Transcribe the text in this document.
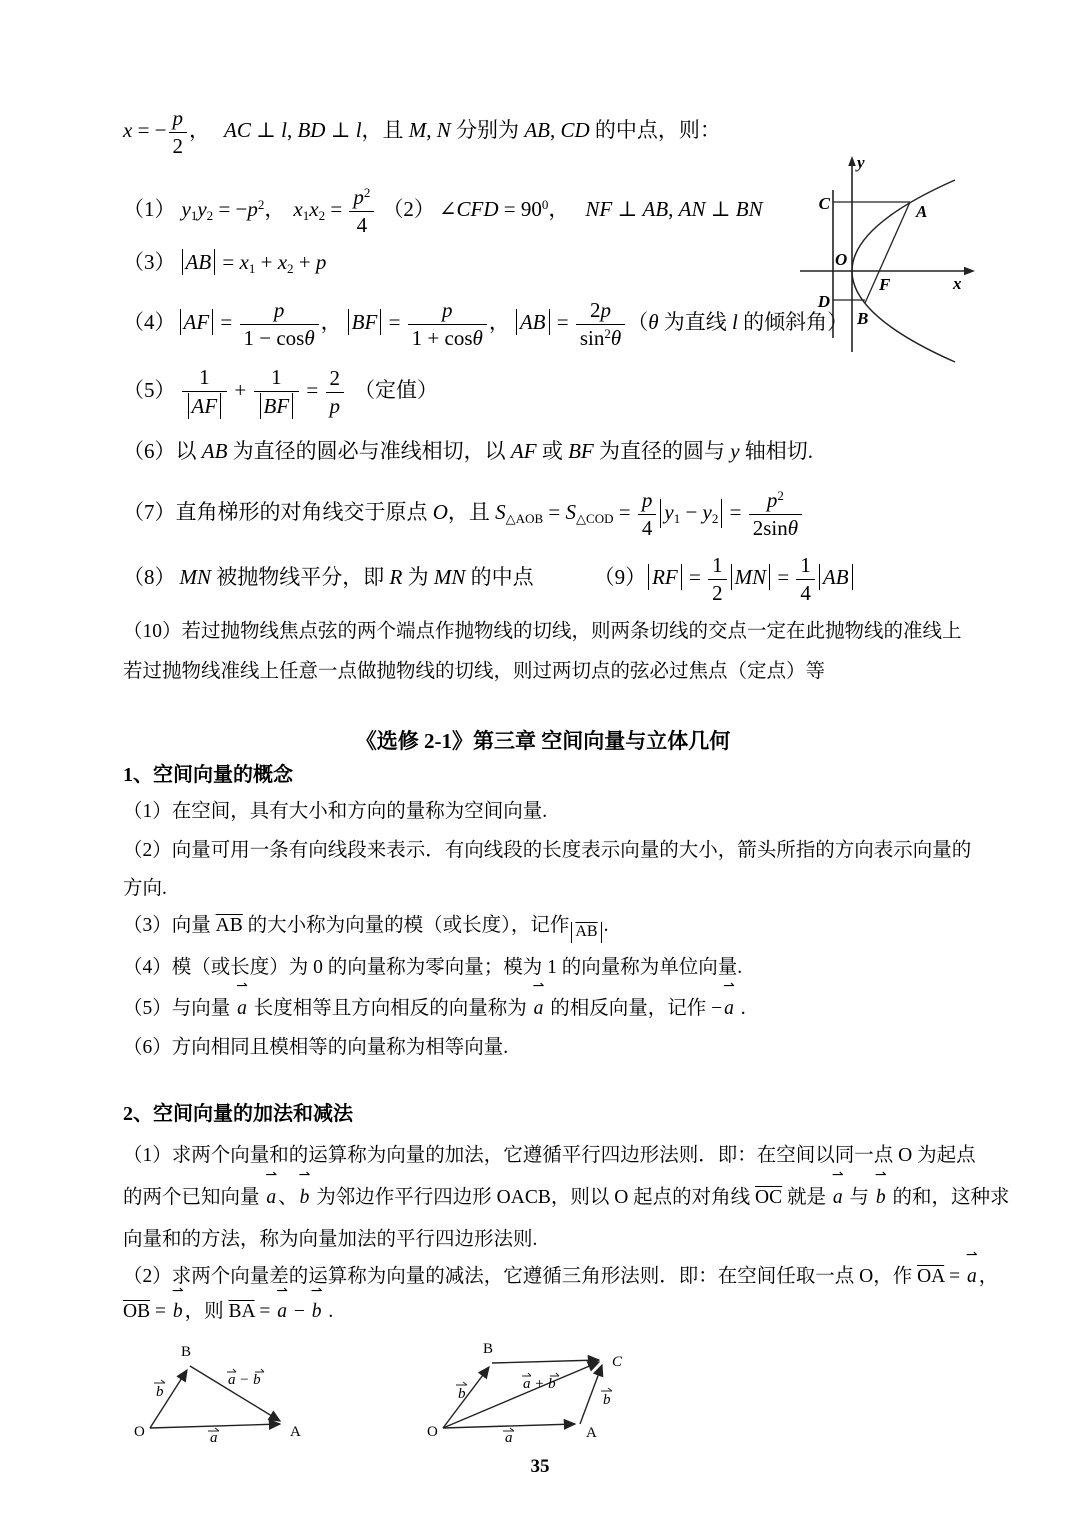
x = − $\frac{p}{2}$ ， AC ⊥ l, BD ⊥ l，且 M, N 分别为 AB, CD 的中点，则：
（1） $y1y2 = -p^2$， $x1x2 = \frac{p^2}{4} (2)$ ∠CFD = $90^0$， NF ⊥ AB, AN ⊥ BN
（3） AB = x1 + x2 + p
（4） AF = $\frac{p}{1 - \cos\theta}$ ， BF = $\frac{p}{1 + \cos\theta}$ ， AB = $\frac{2p}{\sin^2\theta} (\theta$ 为直线 l 的倾斜角）
$(5) \frac{1}{AF} + \frac{1}{BF} = \frac{2}{p}$ （定值）
（6）以 AB 为直径的圆必与准线相切，以 AF 或 BF 为直径的圆与 y 轴相切.
（7）直角梯形的对角线交于原点 O，且 S△AOB = S△COD = $\frac{p}{4} y1 - y2 = \frac{p^2}{2\sin\theta}$
（8） MN 被抛物线平分，即 R 为 MN 的中点	（9） RF = $\frac{1}{2}$ MN = $\frac{1}{4}$ AB
（10）若过抛物线焦点弦的两个端点作抛物线的切线，则两条切线的交点一定在此抛物线的准线上
若过抛物线准线上任意一点做抛物线的切线，则过两切点的弦必过焦点（定点）等
C	A
O
F
D
B
y
x
《选修 2-1》第三章 空间向量与立体几何
1、空间向量的概念
（1）在空间，具有大小和方向的量称为空间向量.
（2）向量可用一条有向线段来表示．有向线段的长度表示向量的大小，箭头所指的方向表示向量的
方向.
（3）向量 $\overline{AB}$ 的大小称为向量的模（或长度），记作 $\overline{AB}$ .
（4）模（或长度）为 0 的向量称为零向量；模为 1 的向量称为单位向量.
（5）与向量
⇀
a 长度相等且方向相反的向量称为
⇀
a 的相反向量，记作 −
⇀
a .
（6）方向相同且模相等的向量称为相等向量.
2、空间向量的加法和减法
（1）求两个向量和的运算称为向量的加法，它遵循平行四边形法则．即：在空间以同一点 O 为起点
的两个已知向量
⇀
a 、
⇀
b 为邻边作平行四边形 OACB，则以 O 起点的对角线 $\overline{OC}$ 就是
⇀
a 与
⇀
b 的和，这种求
向量和的方法，称为向量加法的平行四边形法则.
（2）求两个向量差的运算称为向量的减法，它遵循三角形法则．即：在空间任取一点 O，作 $\overline{OA}$ =
⇀
a ，
$\overline{OB}$ =
⇀
b ，则 $\overline{BA}$ =
⇀
a −
⇀
b .
O
B
A
b
a
a − b
O
B
C
A
b
a + b
b
a
35
